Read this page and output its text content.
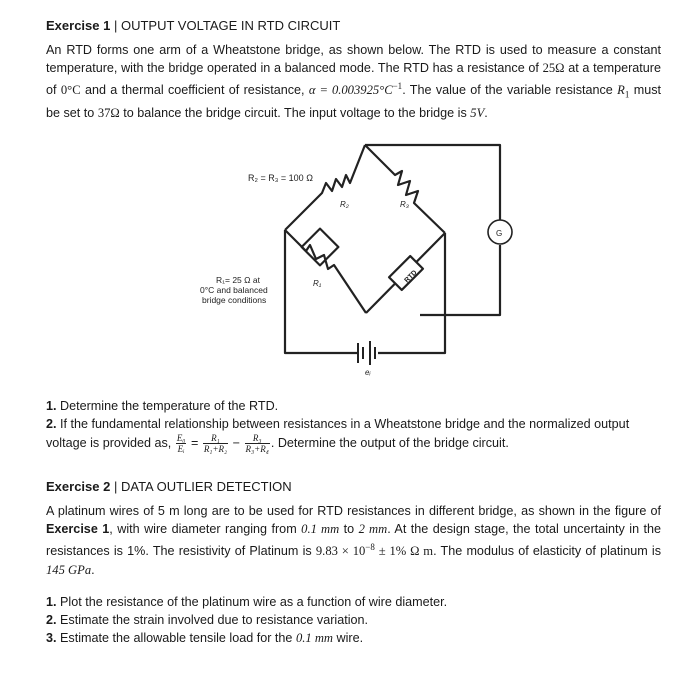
Exercise 1 | OUTPUT VOLTAGE IN RTD CIRCUIT
An RTD forms one arm of a Wheatstone bridge, as shown below. The RTD is used to measure a constant temperature, with the bridge operated in a balanced mode. The RTD has a resistance of 25Ω at a temperature of 0°C and a thermal coefficient of resistance, $\alpha = 0.003925^\circ C^{-1}$. The value of the variable resistance $R_1$ must be set to 37Ω to balance the bridge circuit. The input voltage to the bridge is 5V.
R₂ = R₃ = 100 Ω
R₂	R₃
R₁	RTD
G
eᵢ
R₁= 25 Ω at
0°C and balanced
bridge conditions
1. Determine the temperature of the RTD.
2. If the fundamental relationship between resistances in a Wheatstone bridge and the normalized output voltage is provided as, $\frac{\text{E₀}}{\text{Eᵢ}} = \frac{\text{R₁}}{\text{R₁+R₂}} - \frac{\text{R₃}}{\text{R₃+R₄}}$ . Determine the output of the bridge circuit.
Exercise 2 | DATA OUTLIER DETECTION
A platinum wires of 5 m long are to be used for RTD resistances in different bridge, as shown in the figure of Exercise 1, with wire diameter ranging from 0.1 mm to 2 mm. At the design stage, the total uncertainty in the resistances is 1%. The resistivity of Platinum is $9.83 \times 10^{-8} \pm 1\%$ Ω m. The modulus of elasticity of platinum is 145 GPa.
1. Plot the resistance of the platinum wire as a function of wire diameter.
2. Estimate the strain involved due to resistance variation.
3. Estimate the allowable tensile load for the 0.1 mm wire.
